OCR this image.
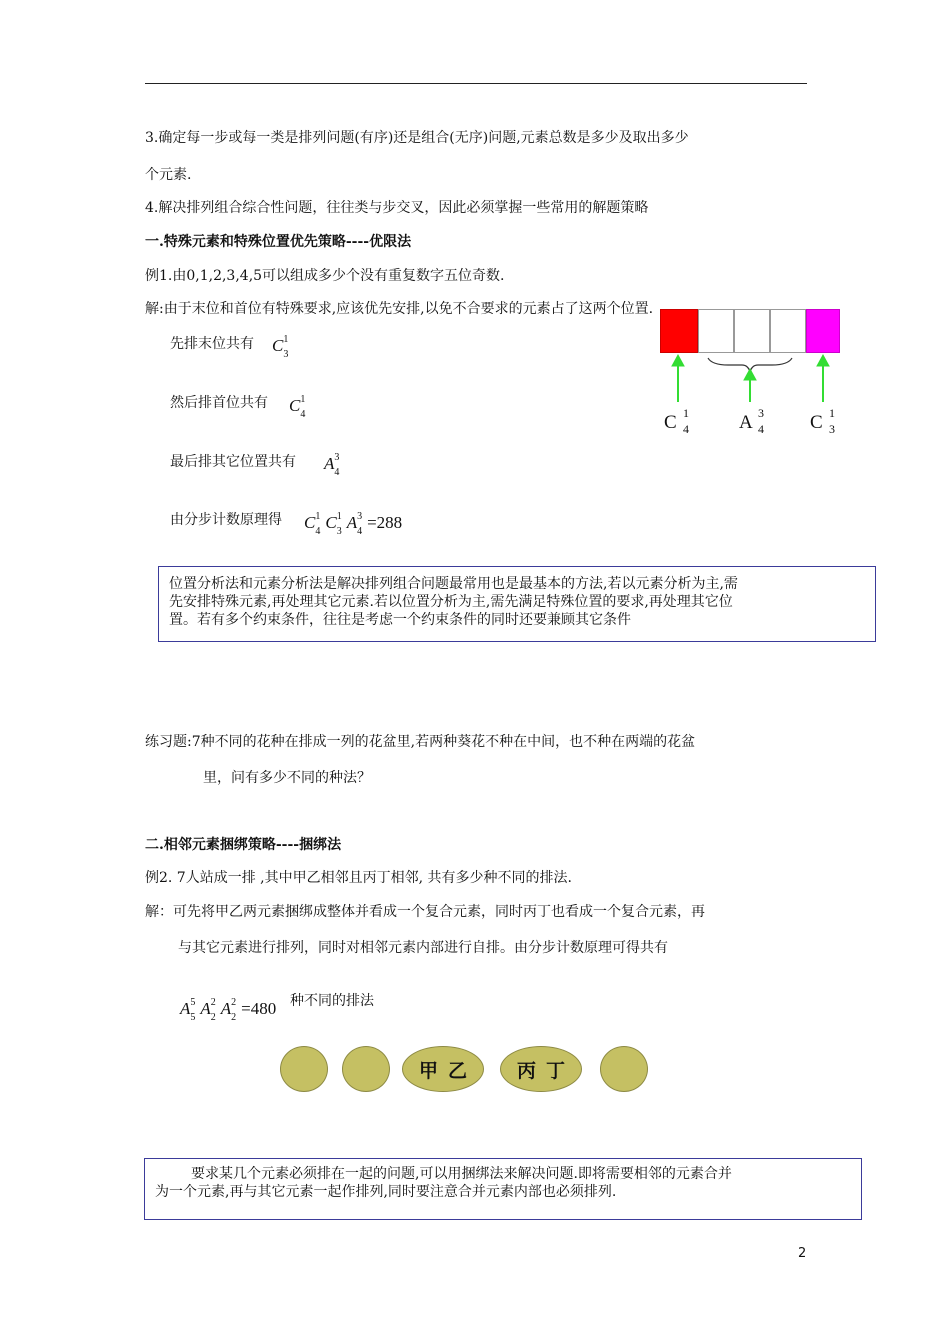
3.确定每一步或每一类是排列问题(有序)还是组合(无序)问题,元素总数是多少及取出多少
个元素.
4.解决排列组合综合性问题，往往类与步交叉，因此必须掌握一些常用的解题策略
一.特殊元素和特殊位置优先策略----优限法
例1.由0,1,2,3,4,5可以组成多少个没有重复数字五位奇数.
解:由于末位和首位有特殊要求,应该优先安排,以免不合要求的元素占了这两个位置.
先排末位共有 $C^1_3$
然后排首位共有 $C^1_4$
最后排其它位置共有 $A^3_4$
由分步计数原理得 $C^1_4$ $C^1_3$ $A^3_4 =288$
C 1
4	A 3
4 C 1
3

位置分析法和元素分析法是解决排列组合问题最常用也是最基本的方法,若以元素分析为主,需

先安排特殊元素,再处理其它元素.若以位置分析为主,需先满足特殊位置的要求,再处理其它位

置。若有多个约束条件，往往是考虑一个约束条件的同时还要兼顾其它条件

练习题:7种不同的花种在排成一列的花盆里,若两种葵花不种在中间，也不种在两端的花盆
里，问有多少不同的种法？
二.相邻元素捆绑策略----捆绑法
例2. 7人站成一排 ,其中甲乙相邻且丙丁相邻, 共有多少种不同的排法.
解：可先将甲乙两元素捆绑成整体并看成一个复合元素，同时丙丁也看成一个复合元素，再
与其它元素进行排列，同时对相邻元素内部进行自排。由分步计数原理可得共有
$A^5_5$ $A^2_2$ $A^2_2 =480$ 种不同的排法
甲乙	丙丁

要求某几个元素必须排在一起的问题,可以用捆绑法来解决问题.即将需要相邻的元素合并

为一个元素,再与其它元素一起作排列,同时要注意合并元素内部也必须排列.

2
